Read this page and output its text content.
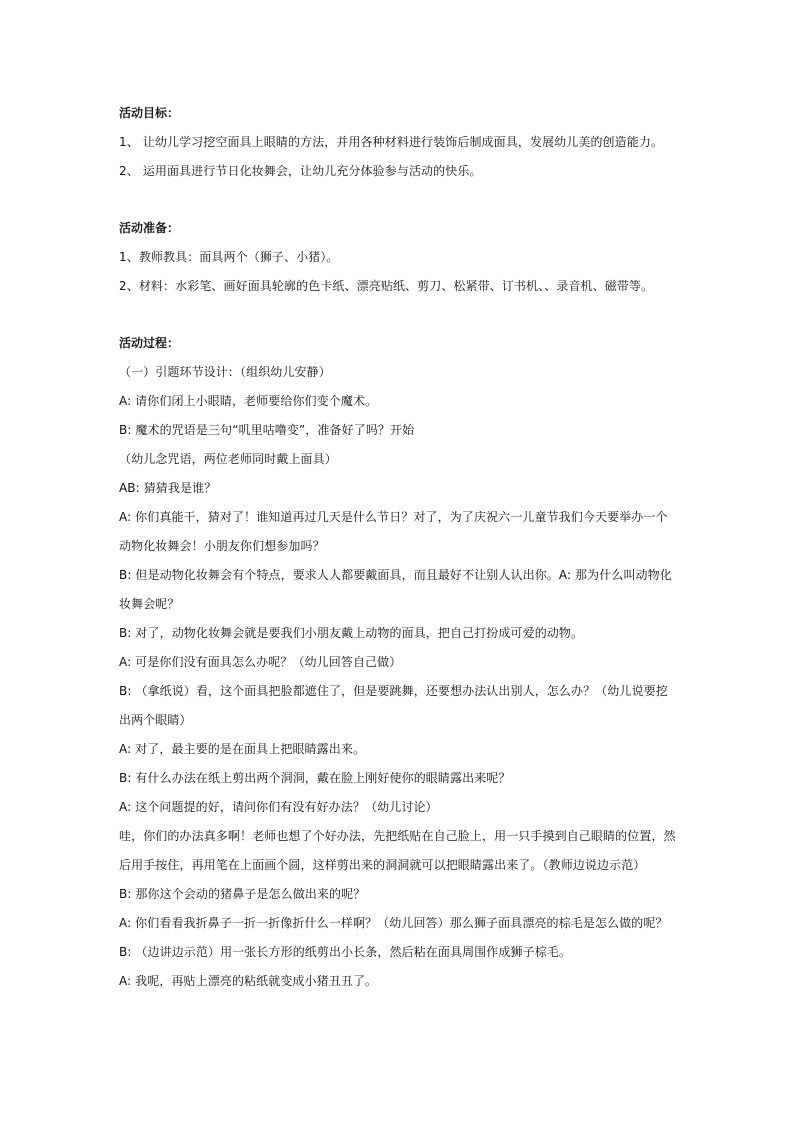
活动目标：
1、 让幼儿学习挖空面具上眼睛的方法，并用各种材料进行装饰后制成面具，发展幼儿美的创造能力。
2、 运用面具进行节日化妆舞会，让幼儿充分体验参与活动的快乐。
活动准备：
1、教师教具：面具两个（狮子、小猪）。
2、材料：水彩笔、画好面具轮廓的色卡纸、漂亮贴纸、剪刀、松紧带、订书机、、录音机、磁带等。
活动过程：
（一）引题环节设计：（组织幼儿安静）
A: 请你们闭上小眼睛，老师要给你们变个魔术。
B: 魔术的咒语是三句“叽里咕噜变”，准备好了吗？开始
（幼儿念咒语，两位老师同时戴上面具）
AB: 猜猜我是谁？
A: 你们真能干，猜对了！谁知道再过几天是什么节日？对了，为了庆祝六一儿童节我们今天要举办一个
动物化妆舞会！小朋友你们想参加吗？
B: 但是动物化妆舞会有个特点，要求人人都要戴面具，而且最好不让别人认出你。A: 那为什么叫动物化
妆舞会呢？
B: 对了，动物化妆舞会就是要我们小朋友戴上动物的面具，把自己打扮成可爱的动物。
A: 可是你们没有面具怎么办呢？（幼儿回答自己做）
B: （拿纸说）看，这个面具把脸都遮住了，但是要跳舞，还要想办法认出别人，怎么办？（幼儿说要挖
出两个眼睛）
A: 对了，最主要的是在面具上把眼睛露出来。
B: 有什么办法在纸上剪出两个洞洞，戴在脸上刚好使你的眼睛露出来呢？
A: 这个问题提的好，请问你们有没有好办法？（幼儿讨论）
哇，你们的办法真多啊！老师也想了个好办法，先把纸贴在自己脸上，用一只手摸到自己眼睛的位置，然
后用手按住，再用笔在上面画个圆，这样剪出来的洞洞就可以把眼睛露出来了。（教师边说边示范）
B: 那你这个会动的猪鼻子是怎么做出来的呢？
A: 你们看看我折鼻子一折一折像折什么一样啊？（幼儿回答）那么狮子面具漂亮的棕毛是怎么做的呢？
B: （边讲边示范）用一张长方形的纸剪出小长条，然后粘在面具周围作成狮子棕毛。
A: 我呢，再贴上漂亮的粘纸就变成小猪丑丑了。
